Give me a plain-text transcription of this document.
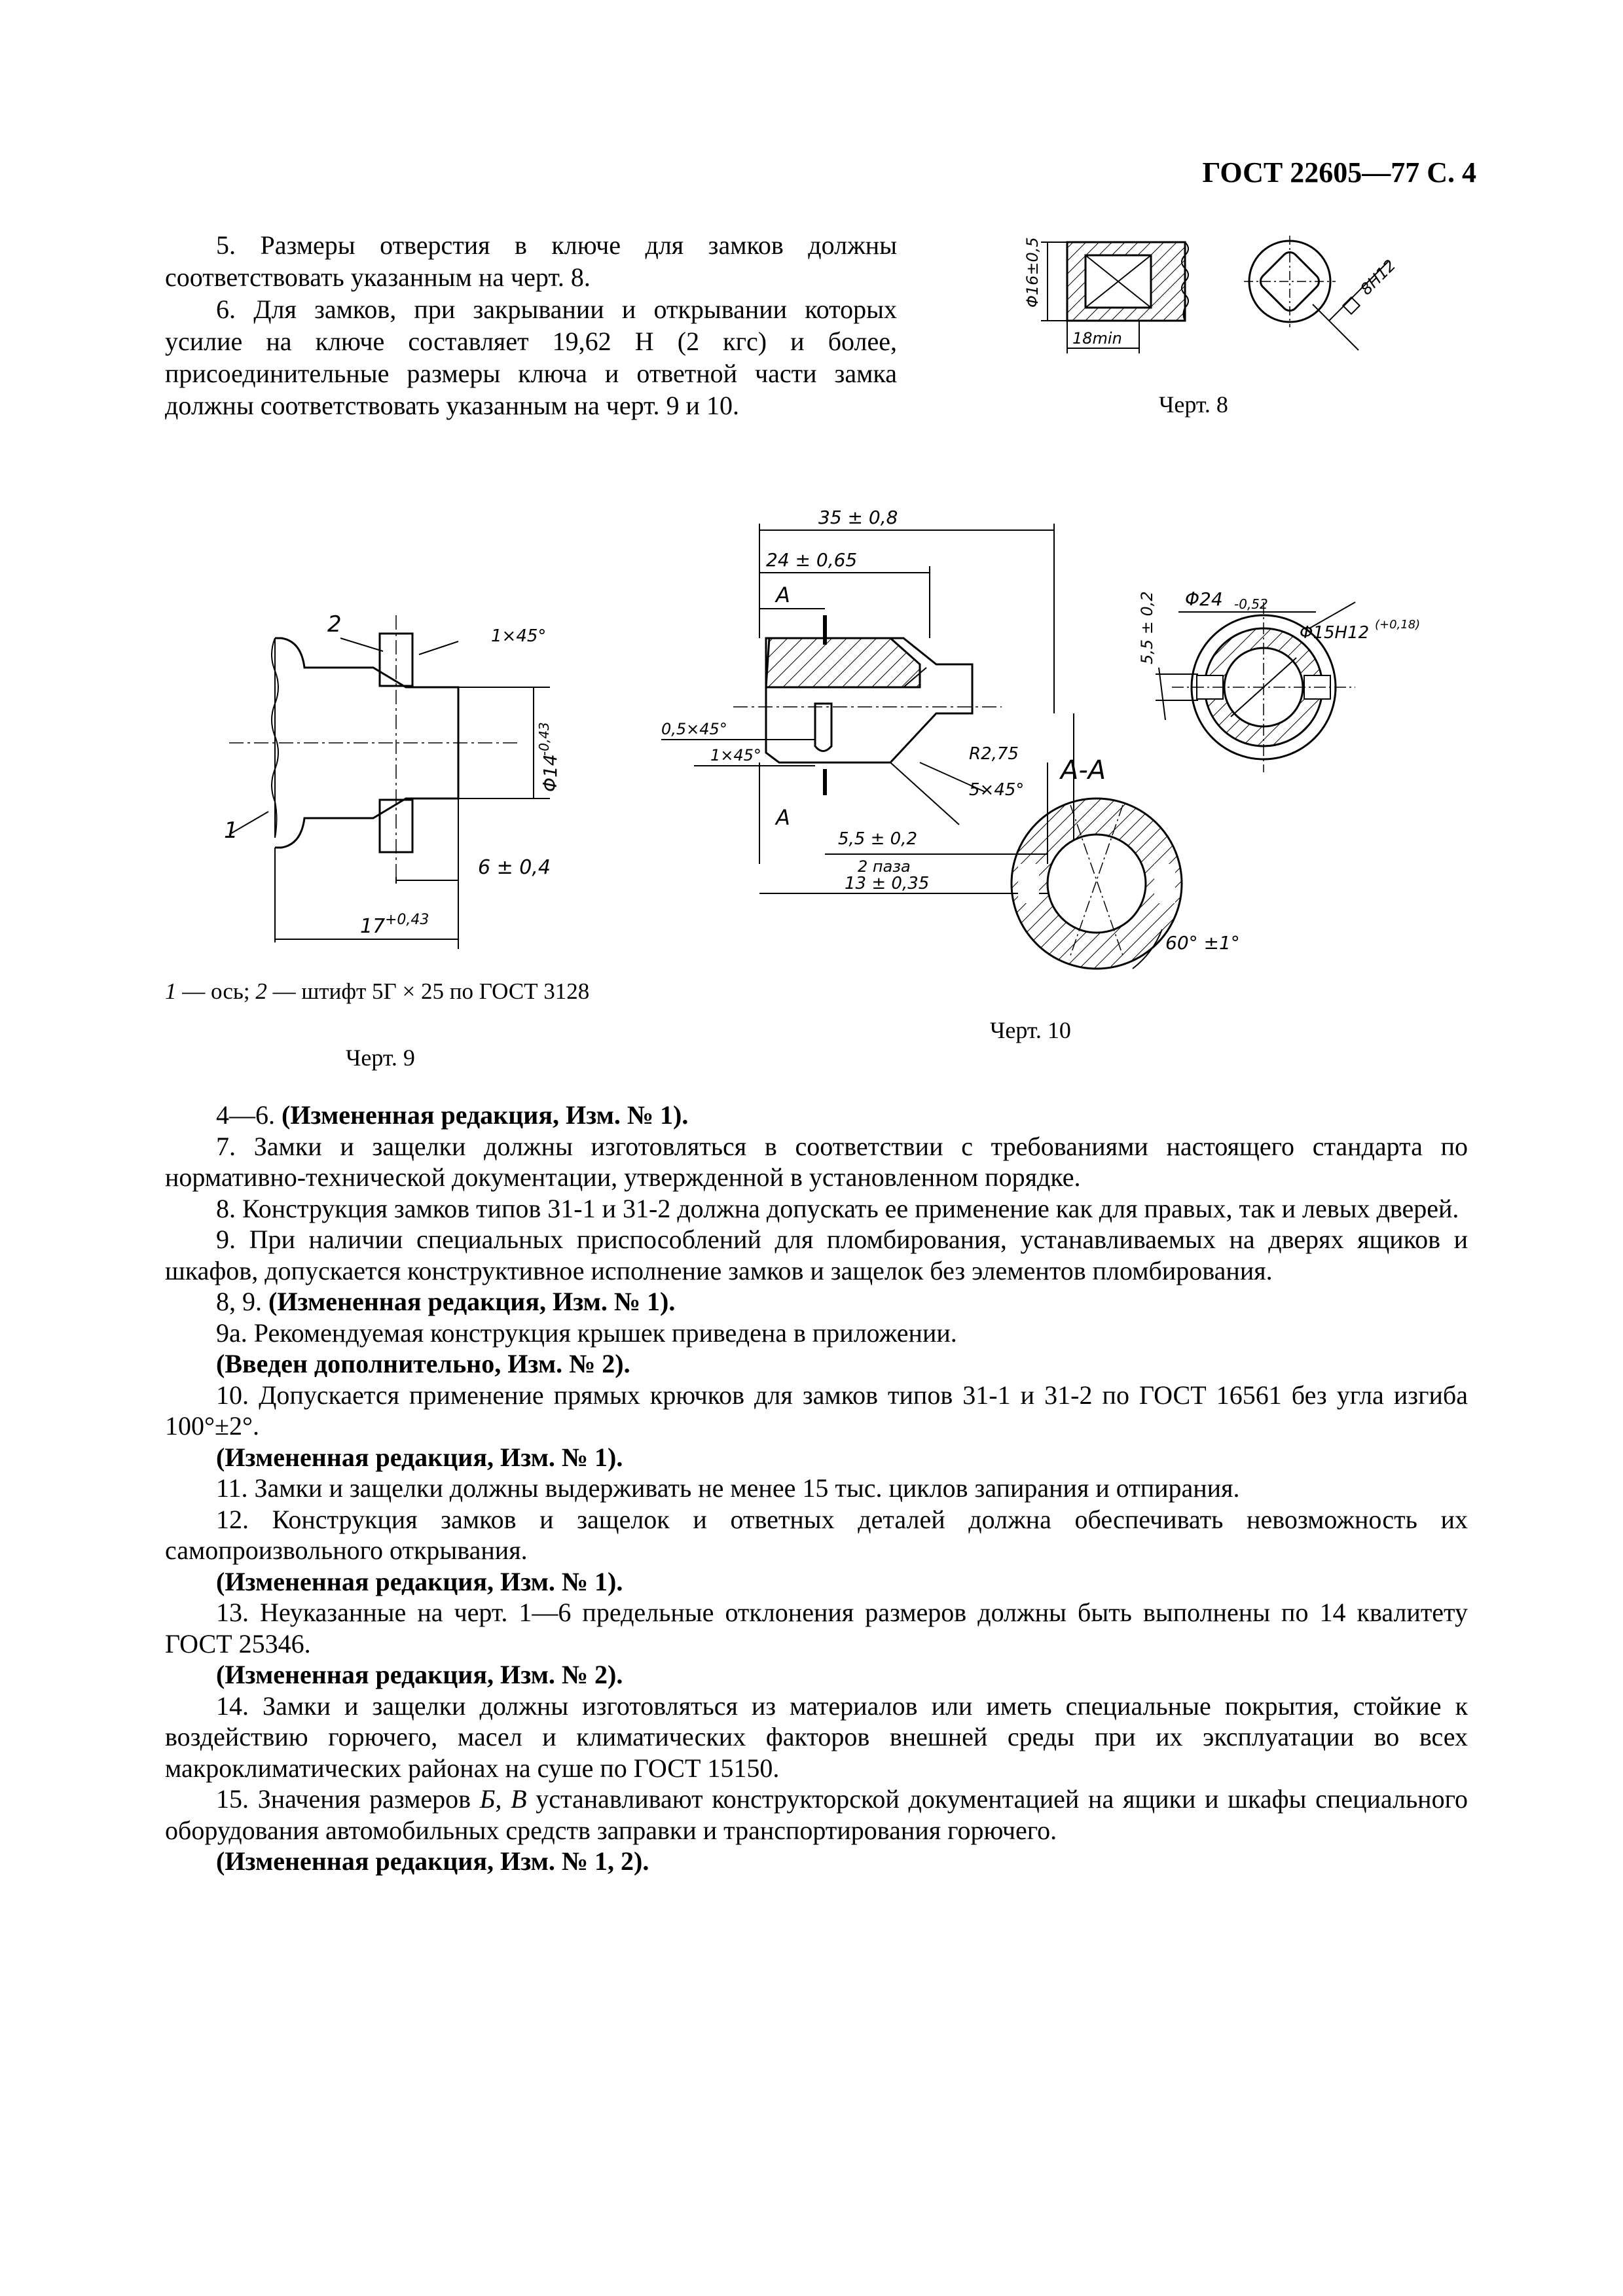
ГОСТ 22605—77 С. 4

5. Размеры отверстия в ключе для замков должны соответствовать указанным на черт. 8.

6. Для замков, при закрывании и открывании которых усилие на ключе составляет 19,62 Н (2 кгс) и более, присоединительные размеры ключа и ответной части замка должны соответствовать указанным на черт. 9 и 10.

Φ16±0,5
18min
8H12
Черт. 8
2
1
1×45°
Φ14
-0,43
6 ± 0,4
17 +0,43
1 — ось; 2 — штифт 5Г × 25 по ГОСТ 3128
Черт. 9
35 ± 0,8
24 ± 0,65
A
A
0,5×45°
1×45°	R2,75
5×45°
5,5 ± 0,2
2 паза
13 ± 0,35
A-A
60° ±1°
5,5 ± 0,2 Φ24 -0,52
Φ15H12 (+0,18)
Черт. 10

4—6. (Измененная редакция, Изм. № 1).

7. Замки и защелки должны изготовляться в соответствии с требованиями настоящего стандарта по нормативно-технической документации, утвержденной в установленном порядке.

8. Конструкция замков типов 31-1 и 31-2 должна допускать ее применение как для правых, так и левых дверей.

9. При наличии специальных приспособлений для пломбирования, устанавливаемых на дверях ящиков и шкафов, допускается конструктивное исполнение замков и защелок без элементов пломбирования.

8, 9. (Измененная редакция, Изм. № 1).

9а. Рекомендуемая конструкция крышек приведена в приложении.

(Введен дополнительно, Изм. № 2).

10. Допускается применение прямых крючков для замков типов 31-1 и 31-2 по ГОСТ 16561 без угла изгиба 100°±2°.

(Измененная редакция, Изм. № 1).

11. Замки и защелки должны выдерживать не менее 15 тыс. циклов запирания и отпирания.

12. Конструкция замков и защелок и ответных деталей должна обеспечивать невозможность их самопроизвольного открывания.

(Измененная редакция, Изм. № 1).

13. Неуказанные на черт. 1—6 предельные отклонения размеров должны быть выполнены по 14 квалитету ГОСТ 25346.

(Измененная редакция, Изм. № 2).

14. Замки и защелки должны изготовляться из материалов или иметь специальные покрытия, стойкие к воздействию горючего, масел и климатических факторов внешней среды при их эксплуатации во всех макроклиматических районах на суше по ГОСТ 15150.

15. Значения размеров Б, В устанавливают конструкторской документацией на ящики и шкафы специального оборудования автомобильных средств заправки и транспортирования горючего.

(Измененная редакция, Изм. № 1, 2).
